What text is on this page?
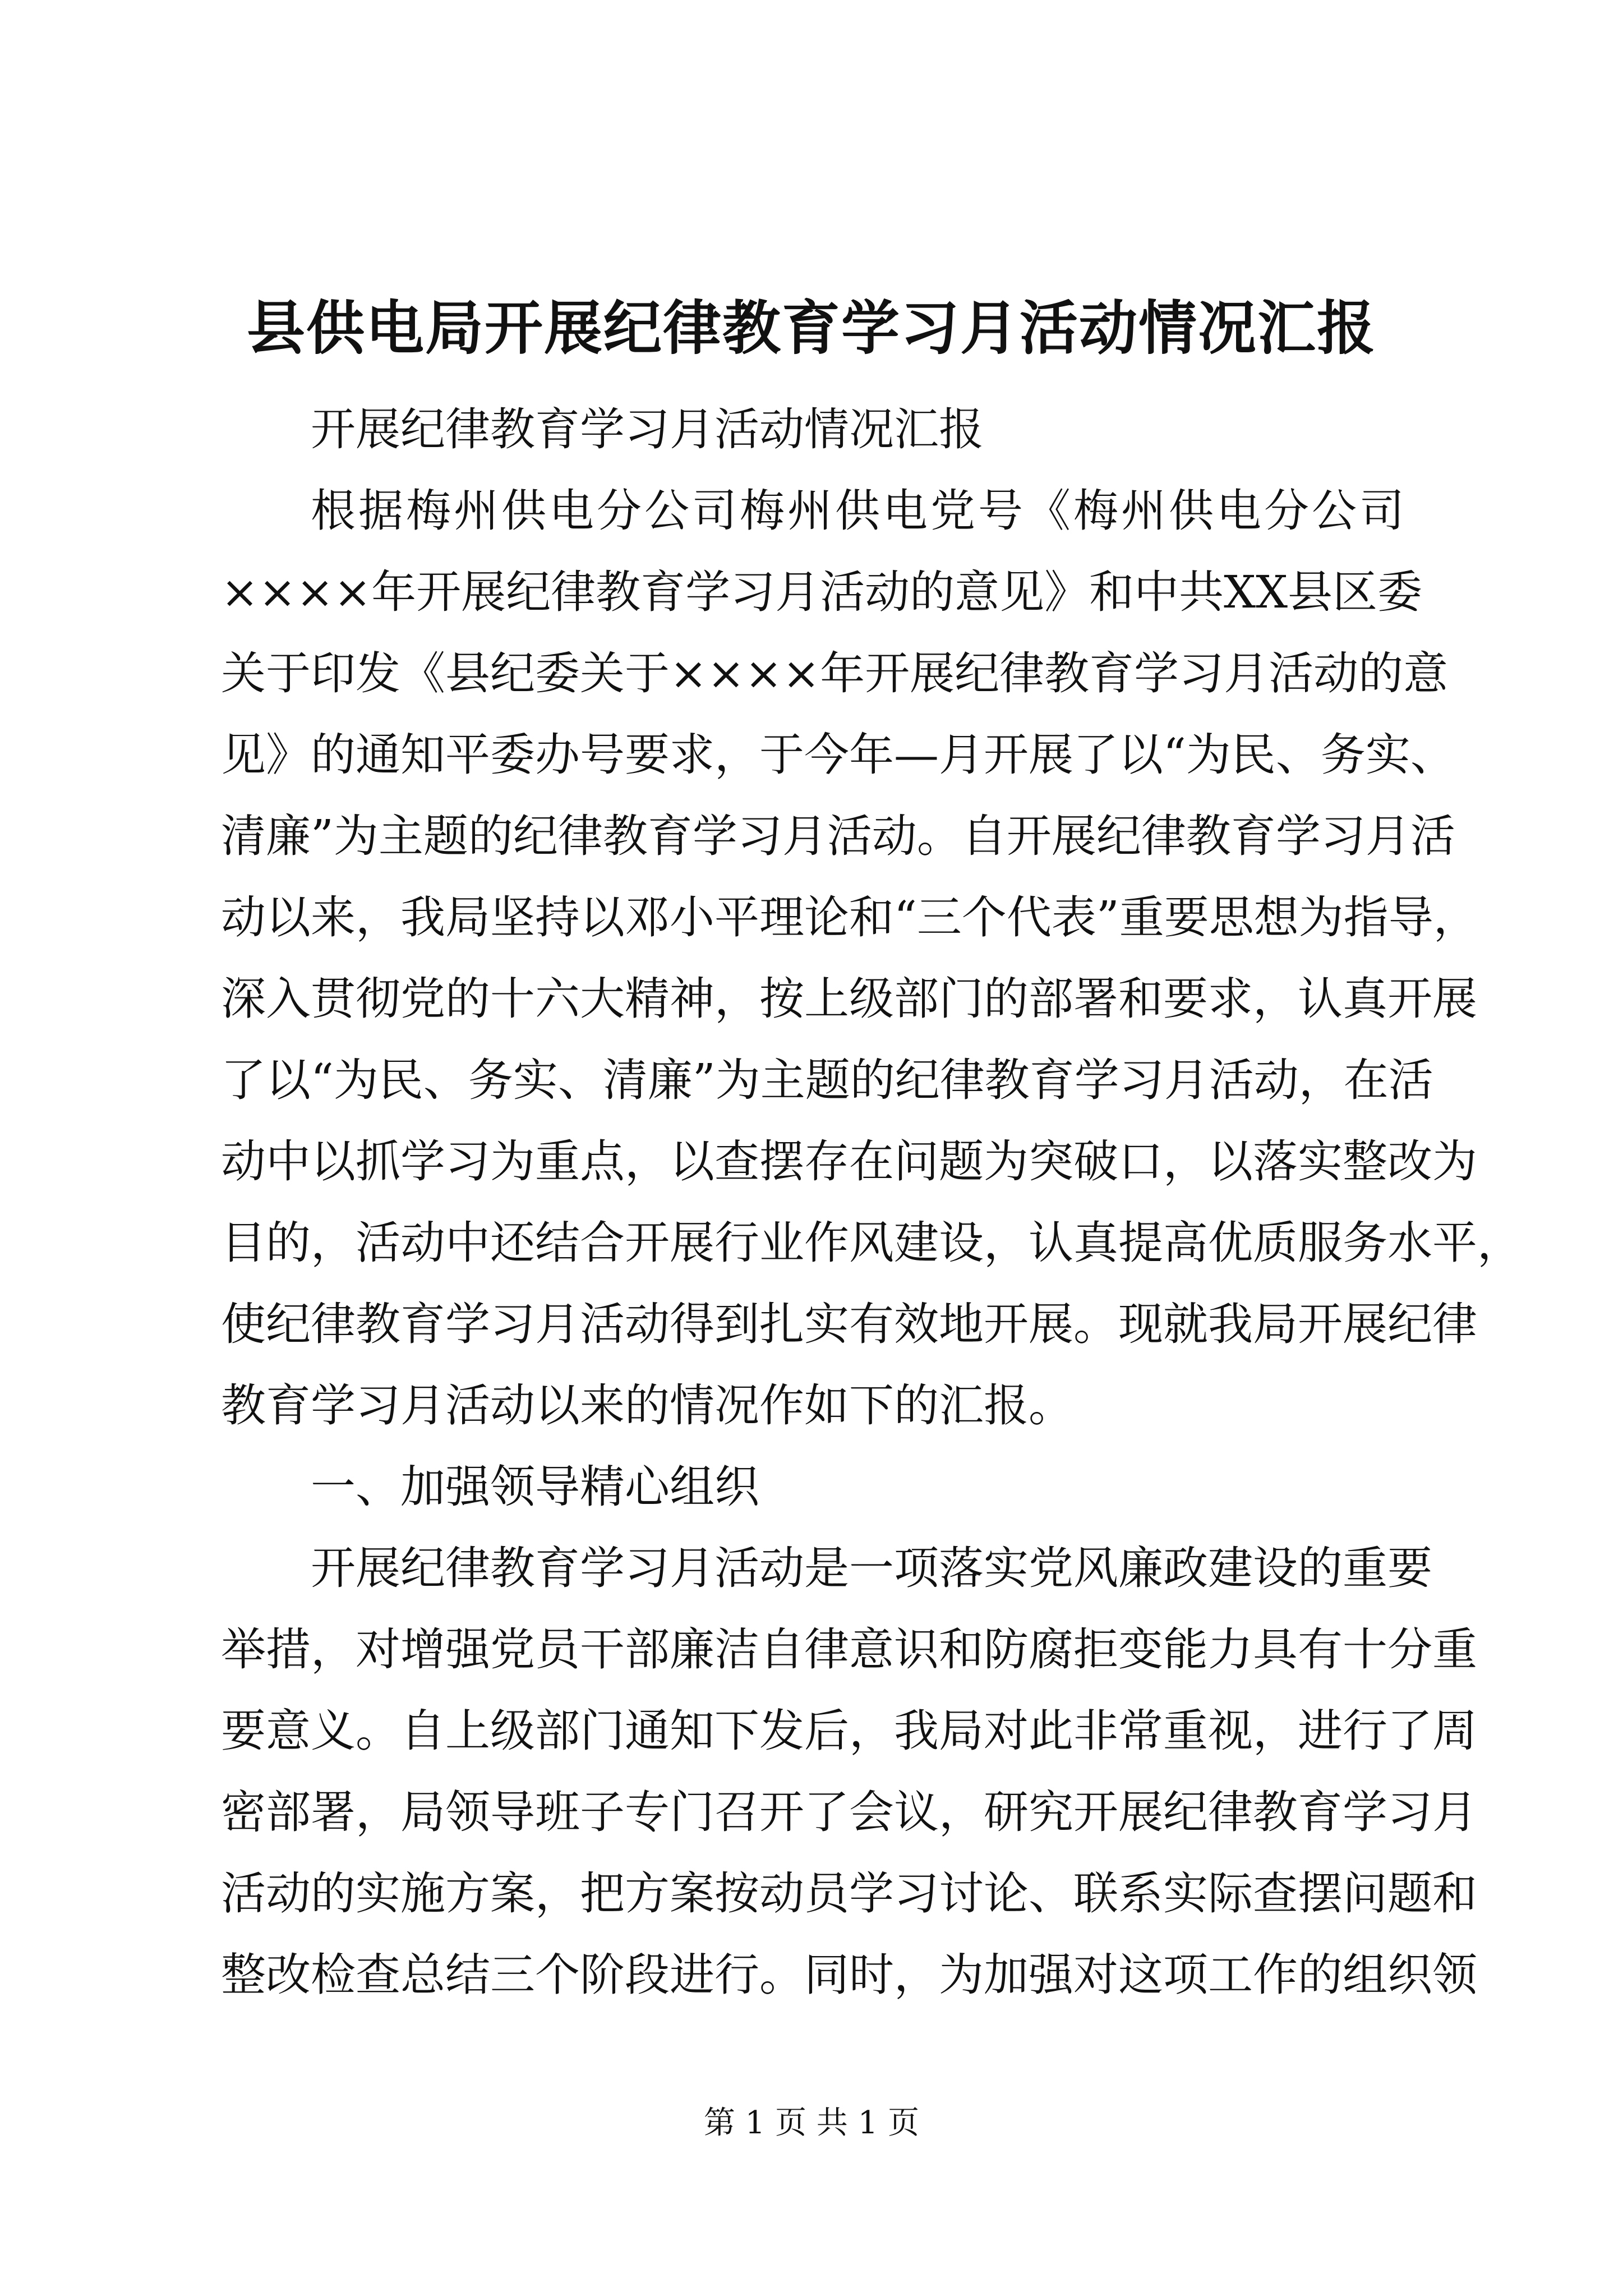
县供电局开展纪律教育学习月活动情况汇报
开展纪律教育学习月活动情况汇报
根据梅州供电分公司梅州供电党号《梅州供电分公司
××××年开展纪律教育学习月活动的意见》和中共XX县区委
关于印发《县纪委关于××××年开展纪律教育学习月活动的意
见》的通知平委办号要求，于今年—月开展了以“为民、务实、
清廉”为主题的纪律教育学习月活动。自开展纪律教育学习月活
动以来，我局坚持以邓小平理论和“三个代表”重要思想为指导，
深入贯彻党的十六大精神，按上级部门的部署和要求，认真开展
了以“为民、务实、清廉”为主题的纪律教育学习月活动，在活
动中以抓学习为重点，以查摆存在问题为突破口，以落实整改为
目的，活动中还结合开展行业作风建设，认真提高优质服务水平，
使纪律教育学习月活动得到扎实有效地开展。现就我局开展纪律
教育学习月活动以来的情况作如下的汇报。
一、加强领导精心组织
开展纪律教育学习月活动是一项落实党风廉政建设的重要
举措，对增强党员干部廉洁自律意识和防腐拒变能力具有十分重
要意义。自上级部门通知下发后，我局对此非常重视，进行了周
密部署，局领导班子专门召开了会议，研究开展纪律教育学习月
活动的实施方案，把方案按动员学习讨论、联系实际查摆问题和
整改检查总结三个阶段进行。同时，为加强对这项工作的组织领
第 1 页 共 1 页
